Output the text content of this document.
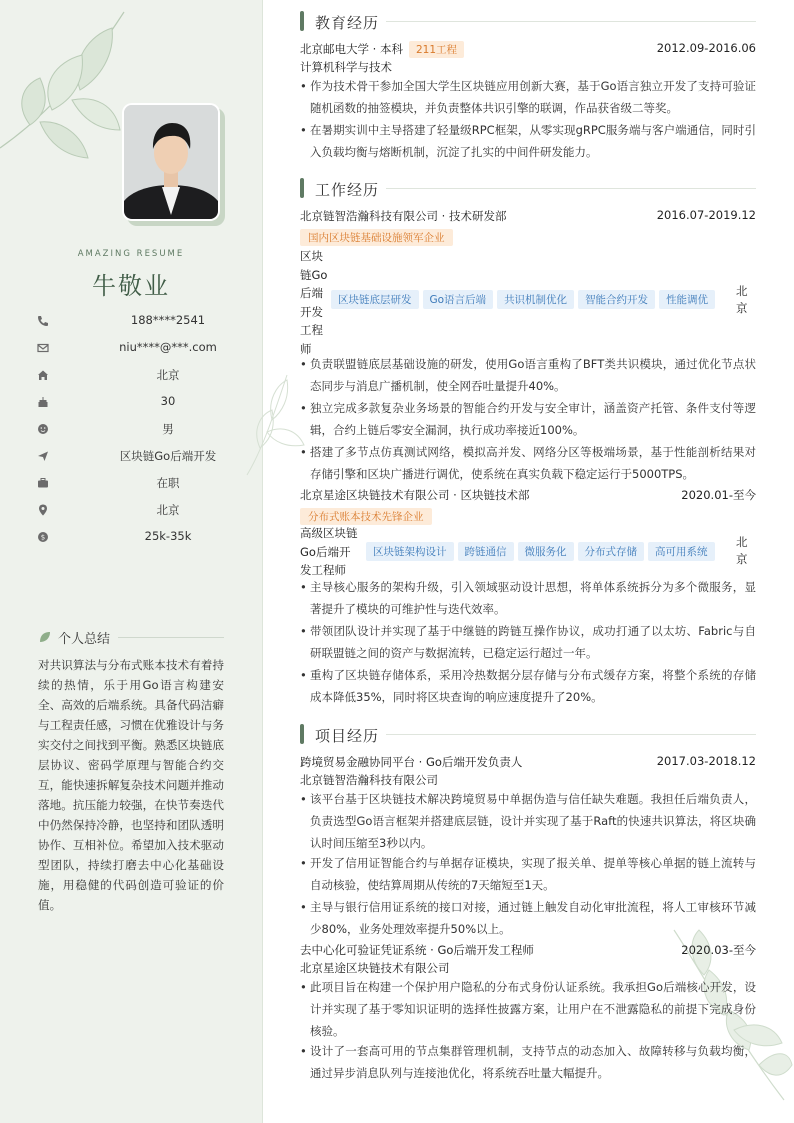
AMAZING RESUME
牛敬业
188****2541
niu****@***.com
北京
30
男
区块链Go后端开发
在职
北京
$	25k-35k
个人总结
对共识算法与分布式账本技术有着持续的热情，乐于用Go语言构建安全、高效的后端系统。具备代码洁癖与工程责任感，习惯在优雅设计与务实交付之间找到平衡。熟悉区块链底层协议、密码学原理与智能合约交互，能快速拆解复杂技术问题并推动落地。抗压能力较强，在快节奏迭代中仍然保持冷静，也坚持和团队透明协作、互相补位。希望加入技术驱动型团队，持续打磨去中心化基础设施，用稳健的代码创造可验证的价值。
教育经历
北京邮电大学 · 本科 211工程	2012.09-2016.06
计算机科学与技术
• 作为技术骨干参加全国大学生区块链应用创新大赛，基于Go语言独立开发了支持可验证随机函数的抽签模块，并负责整体共识引擎的联调，作品获省级二等奖。
• 在暑期实训中主导搭建了轻量级RPC框架，从零实现gRPC服务端与客户端通信，同时引入负载均衡与熔断机制，沉淀了扎实的中间件研发能力。
工作经历
北京链智浩瀚科技有限公司 · 技术研发部	2016.07-2019.12
国内区块链基础设施领军企业
区块
链Go
后端
开发
工程
师
区块链底层研发 Go语言后端 共识机制优化 智能合约开发 性能调优
北京
• 负责联盟链底层基础设施的研发，使用Go语言重构了BFT类共识模块，通过优化节点状态同步与消息广播机制，使全网吞吐量提升40%。
• 独立完成多款复杂业务场景的智能合约开发与安全审计，涵盖资产托管、条件支付等逻辑，合约上链后零安全漏洞，执行成功率接近100%。
• 搭建了多节点仿真测试网络，模拟高并发、网络分区等极端场景，基于性能剖析结果对存储引擎和区块广播进行调优，使系统在真实负载下稳定运行于5000TPS。
北京星途区块链技术有限公司 · 区块链技术部	2020.01-至今
分布式账本技术先锋企业
高级区块链
Go后端开
发工程师
区块链架构设计 跨链通信 微服务化 分布式存储 高可用系统
北京
• 主导核心服务的架构升级，引入领域驱动设计思想，将单体系统拆分为多个微服务，显著提升了模块的可维护性与迭代效率。
• 带领团队设计并实现了基于中继链的跨链互操作协议，成功打通了以太坊、Fabric与自研联盟链之间的资产与数据流转，已稳定运行超过一年。
• 重构了区块链存储体系，采用冷热数据分层存储与分布式缓存方案，将整个系统的存储成本降低35%，同时将区块查询的响应速度提升了20%。
项目经历
跨境贸易金融协同平台 · Go后端开发负责人	2017.03-2018.12
北京链智浩瀚科技有限公司
• 该平台基于区块链技术解决跨境贸易中单据伪造与信任缺失难题。我担任后端负责人，负责选型Go语言框架并搭建底层链，设计并实现了基于Raft的快速共识算法，将区块确认时间压缩至3秒以内。
• 开发了信用证智能合约与单据存证模块，实现了报关单、提单等核心单据的链上流转与自动核验，使结算周期从传统的7天缩短至1天。
• 主导与银行信用证系统的接口对接，通过链上触发自动化审批流程，将人工审核环节减少80%，业务处理效率提升50%以上。
去中心化可验证凭证系统 · Go后端开发工程师	2020.03-至今
北京星途区块链技术有限公司
• 此项目旨在构建一个保护用户隐私的分布式身份认证系统。我承担Go后端核心开发，设计并实现了基于零知识证明的选择性披露方案，让用户在不泄露隐私的前提下完成身份核验。
• 设计了一套高可用的节点集群管理机制，支持节点的动态加入、故障转移与负载均衡，通过异步消息队列与连接池优化，将系统吞吐量大幅提升。
